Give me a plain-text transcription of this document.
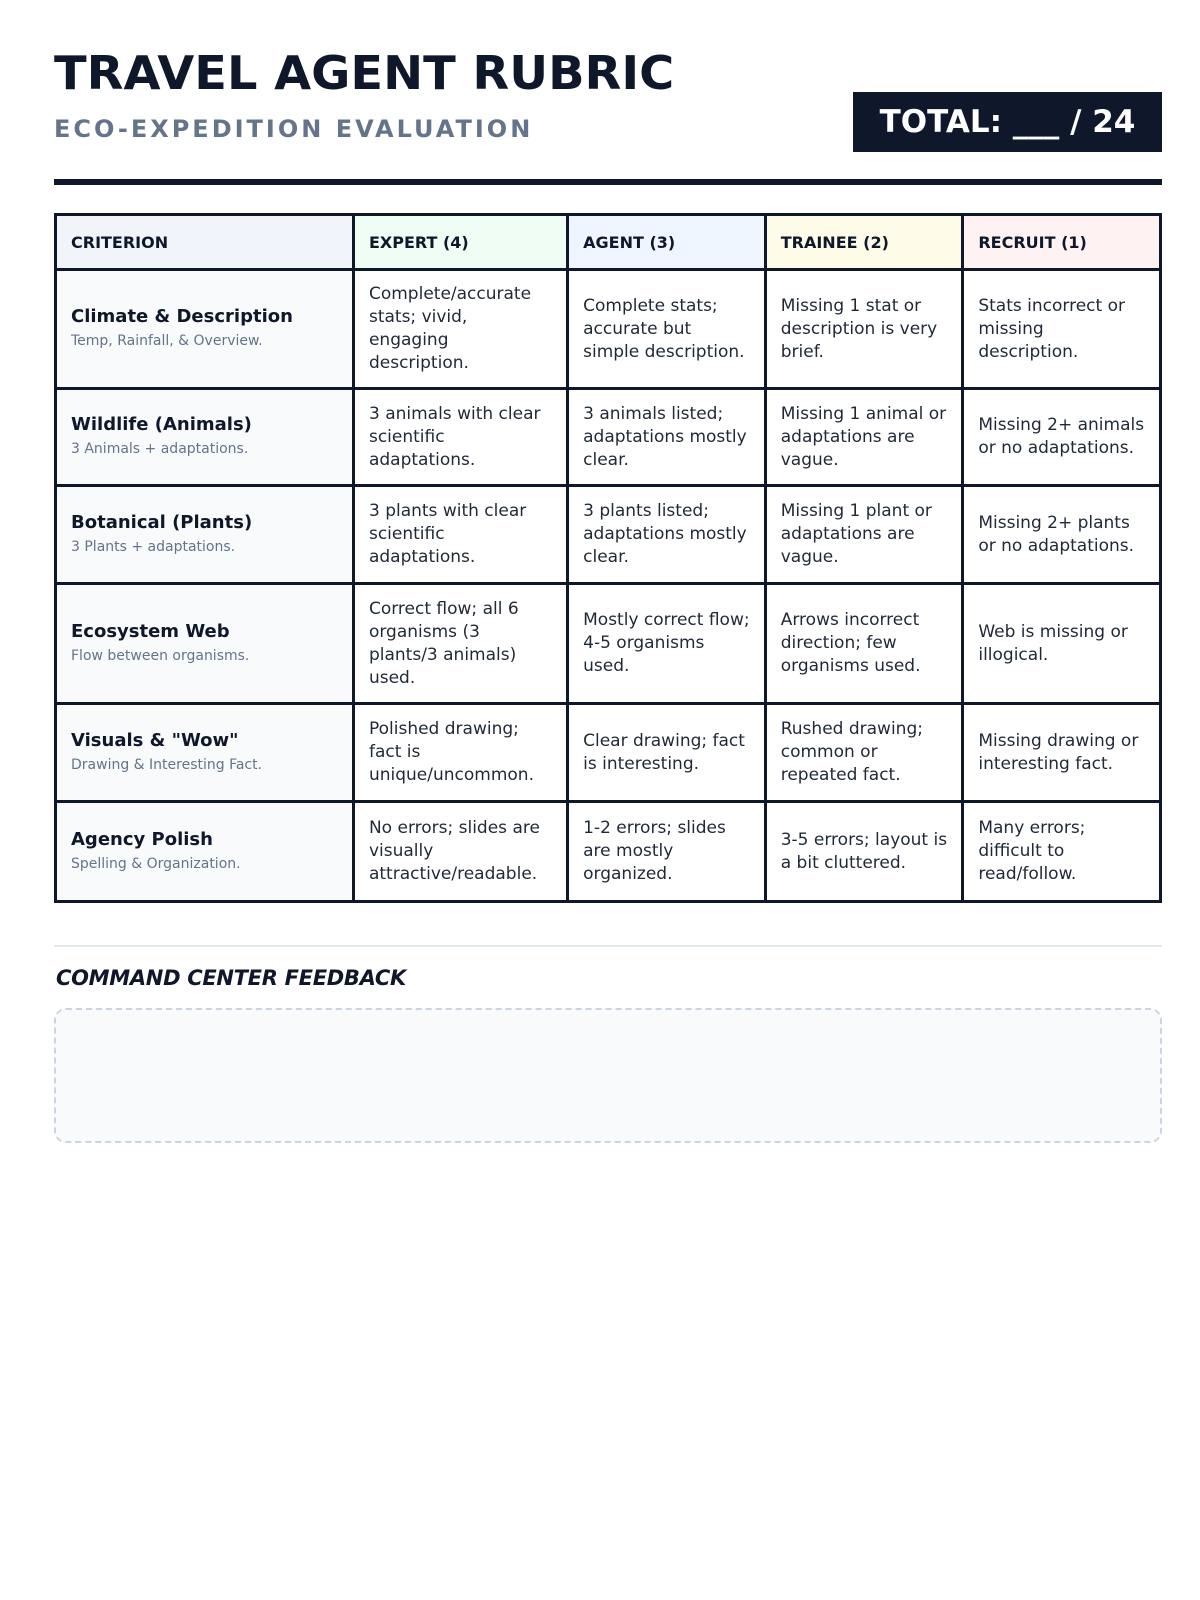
TRAVEL AGENT RUBRIC
ECO-EXPEDITION EVALUATION	TOTAL: ___ / 24
CRITERION	EXPERT (4)	AGENT (3)	TRAINEE (2)	RECRUIT (1)

Climate & Description
Temp, Rainfall, & Overview.	Complete/accurate stats; vivid, engaging description.	Complete stats; accurate but simple description.	Missing 1 stat or description is very brief.	Stats incorrect or missing description.

Wildlife (Animals)
3 Animals + adaptations.	3 animals with clear scientific adaptations.	3 animals listed; adaptations mostly clear.	Missing 1 animal or adaptations are vague.	Missing 2+ animals or no adaptations.

Botanical (Plants)
3 Plants + adaptations.	3 plants with clear scientific adaptations.	3 plants listed; adaptations mostly clear.	Missing 1 plant or adaptations are vague.	Missing 2+ plants or no adaptations.

Ecosystem Web
Flow between organisms.	Correct flow; all 6 organisms (3 plants/3 animals) used.	Mostly correct flow; 4-5 organisms used.	Arrows incorrect direction; few organisms used.	Web is missing or illogical.

Visuals & "Wow"
Drawing & Interesting Fact.	Polished drawing; fact is unique/uncommon.	Clear drawing; fact is interesting.	Rushed drawing; common or repeated fact.	Missing drawing or interesting fact.

Agency Polish
Spelling & Organization.	No errors; slides are visually attractive/readable.	1-2 errors; slides are mostly organized.	3-5 errors; layout is a bit cluttered.	Many errors; difficult to read/follow.
COMMAND CENTER FEEDBACK
